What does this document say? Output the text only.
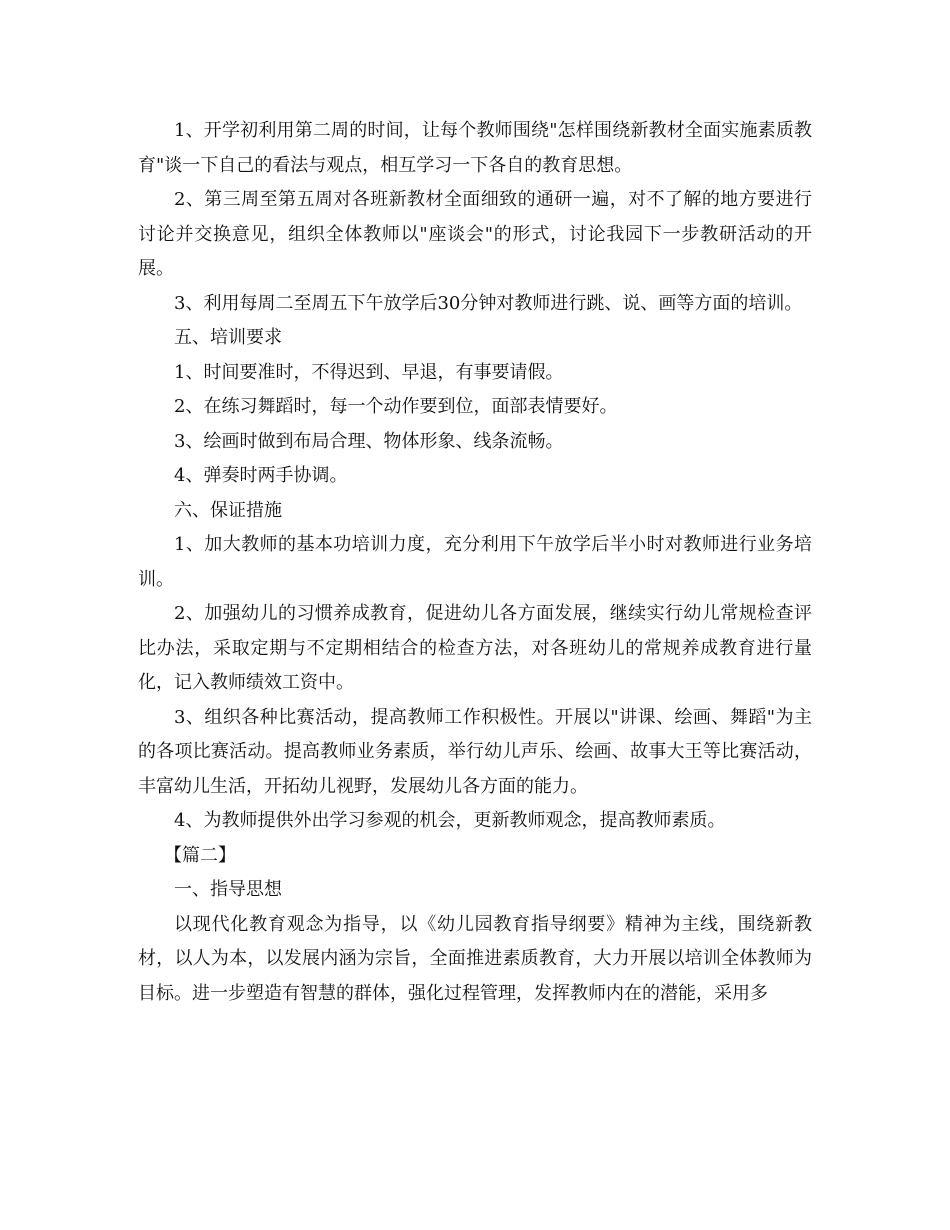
1、开学初利用第二周的时间，让每个教师围绕"怎样围绕新教材全面实施素质教育"谈一下自己的看法与观点，相互学习一下各自的教育思想。

2、第三周至第五周对各班新教材全面细致的通研一遍，对不了解的地方要进行讨论并交换意见，组织全体教师以"座谈会"的形式，讨论我园下一步教研活动的开展。

3、利用每周二至周五下午放学后30分钟对教师进行跳、说、画等方面的培训。

五、培训要求

1、时间要准时，不得迟到、早退，有事要请假。

2、在练习舞蹈时，每一个动作要到位，面部表情要好。

3、绘画时做到布局合理、物体形象、线条流畅。

4、弹奏时两手协调。

六、保证措施

1、加大教师的基本功培训力度，充分利用下午放学后半小时对教师进行业务培训。

2、加强幼儿的习惯养成教育，促进幼儿各方面发展，继续实行幼儿常规检查评比办法，采取定期与不定期相结合的检查方法，对各班幼儿的常规养成教育进行量化，记入教师绩效工资中。

3、组织各种比赛活动，提高教师工作积极性。开展以"讲课、绘画、舞蹈"为主的各项比赛活动。提高教师业务素质，举行幼儿声乐、绘画、故事大王等比赛活动，丰富幼儿生活，开拓幼儿视野，发展幼儿各方面的能力。

4、为教师提供外出学习参观的机会，更新教师观念，提高教师素质。

【篇二】

一、指导思想

以现代化教育观念为指导，以《幼儿园教育指导纲要》精神为主线，围绕新教材，以人为本，以发展内涵为宗旨，全面推进素质教育，大力开展以培训全体教师为目标。进一步塑造有智慧的群体，强化过程管理，发挥教师内在的潜能，采用多
